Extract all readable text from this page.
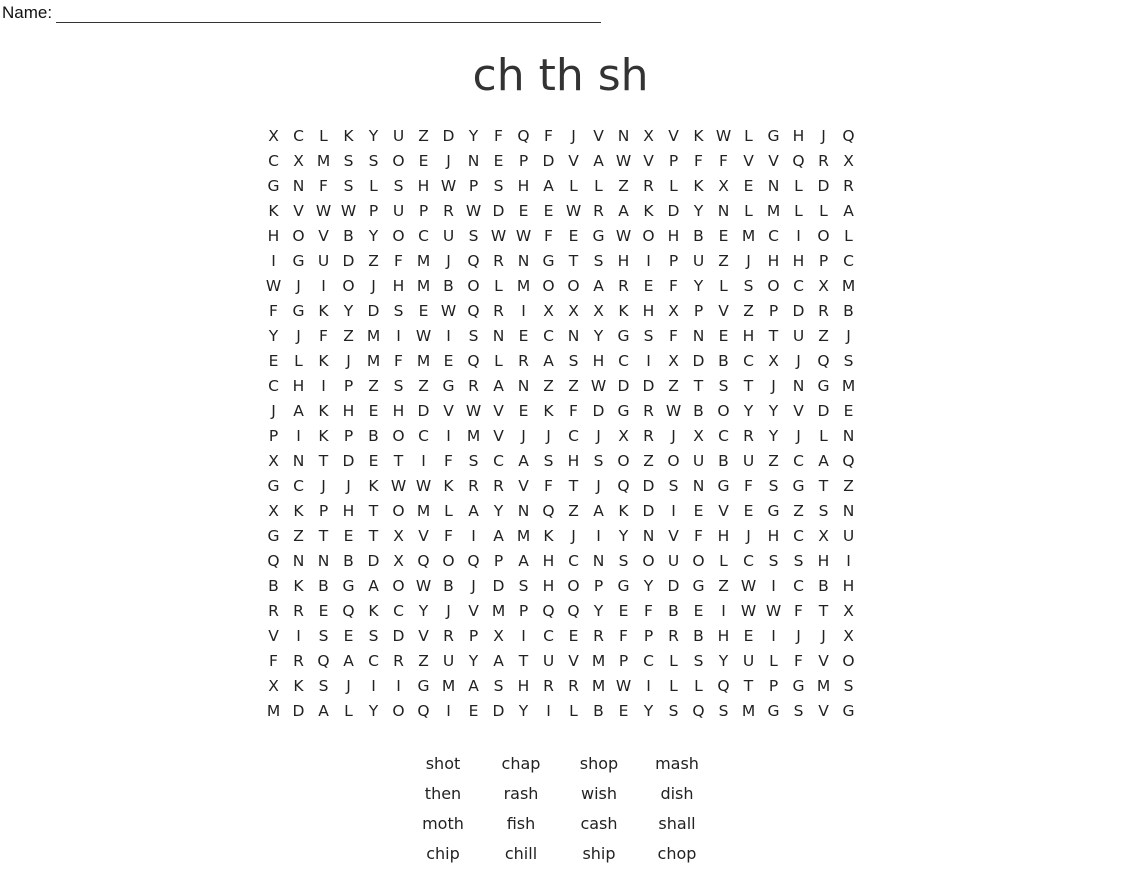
Name:
ch th sh
X C L	K Y U Z D Y	F Q F	J	V N X V K W L G H	J	Q
C X M S S O E	J	N E P D V A W V P	F	F V V Q R X
G N F	S	L	S H W P S H A L	L Z R L	K X E N L D R
K V W W P U P R W D E E W R A K D Y N L M L	L A
H O V B Y O C U S W W F	E G W O H B E M C	I	O L
I	G U D Z F M	J	Q R N G T S H	I	P U Z	J	H H P C
W J	I	O	J	H M B O L M O O A R E	F	Y	L	S O C X M
F G K Y D S E W Q R	I	X X X K H X P V Z P D R B
Y	J	F Z M	I W I	S N E C N Y G S	F N E H T U Z	J
E	L	K	J	M F M E Q L R A S H C	I	X D B C X	J	Q S
C H	I	P Z S Z G R A N Z Z W D D Z T S T	J	N G M
J	A K H E H D V W V E K F D G R W B O Y	Y V D E
P	I	K P B O C	I	M V	J	J	C	J	X R	J	X C R Y	J	L N
X N T D E T	I	F	S C A S H S O Z O U B U Z C A Q
G C	J	J	K W W K R R V F	T	J	Q D S N G F	S G T Z
X K P H T O M L A Y N Q Z A K D	I	E V E G Z S N
G Z T E T X V F	I	A M K	J	I	Y N V F H	J	H C X U
Q N N B D X Q O Q P A H C N S O U O L C S S H	I
B K B G A O W B	J	D S H O P G Y D G Z W I	C B H
R R E Q K C Y	J	V M P Q Q Y E	F B E	I W W F	T X
V	I	S E S D V R P X	I	C E R F	P R B H E	I	J	J	X
F R Q A C R Z U Y A T U V M P C L	S Y U L	F V O
X K S	J	I	I	G M A S H R R M W I	L	L Q T	P G M S
M D A L	Y O Q	I	E D Y	I	L B E Y S Q S M G S V G
shot	chap	shop	mash
then	rash	wish	dish
moth	fish	cash	shall
chip	chill	ship	chop
